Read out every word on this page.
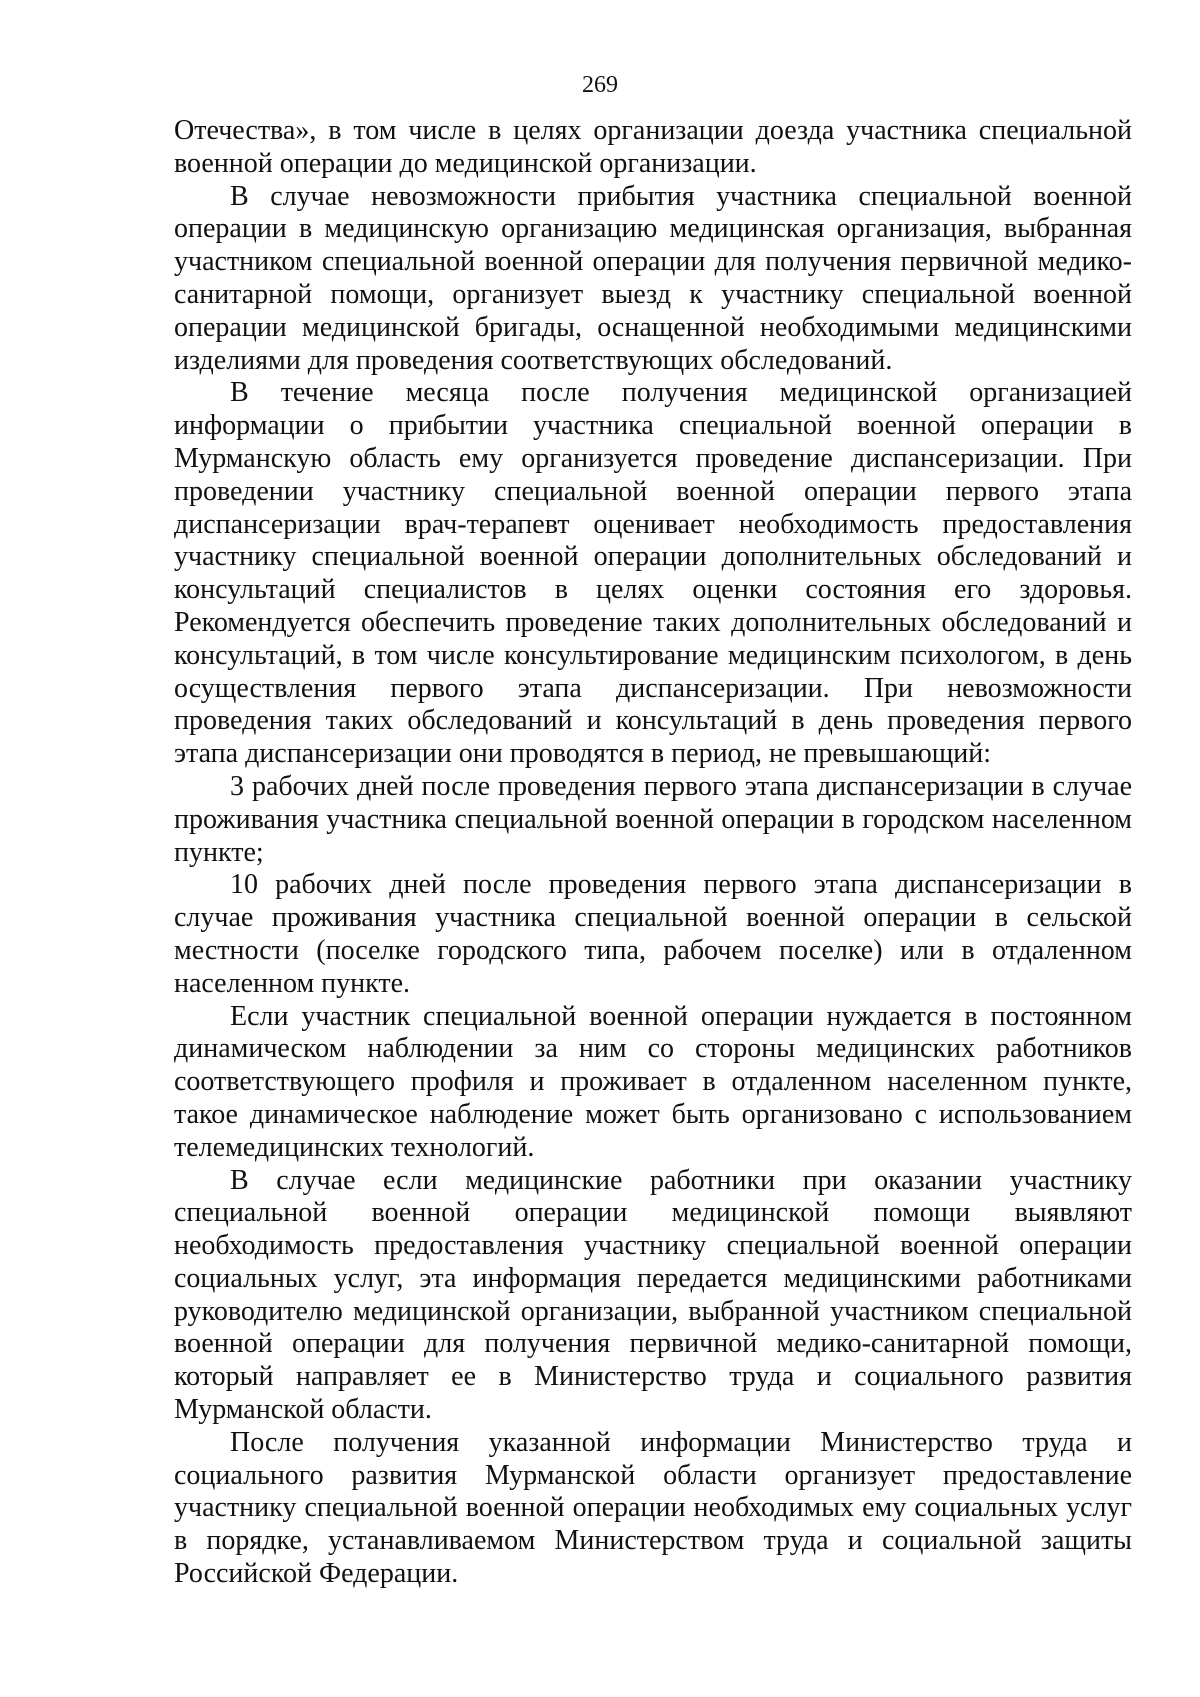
269

Отечества», в том числе в целях организации доезда участника специальной военной операции до медицинской организации.

В случае невозможности прибытия участника специальной военной операции в медицинскую организацию медицинская организация, выбранная участником специальной военной операции для получения первичной медико-санитарной помощи, организует выезд к участнику специальной военной операции медицинской бригады, оснащенной необходимыми медицинскими изделиями для проведения соответствующих обследований.

В течение месяца после получения медицинской организацией информации о прибытии участника специальной военной операции в Мурманскую область ему организуется проведение диспансеризации. При проведении участнику специальной военной операции первого этапа диспансеризации врач-терапевт оценивает необходимость предоставления участнику специальной военной операции дополнительных обследований и консультаций специалистов в целях оценки состояния его здоровья. Рекомендуется обеспечить проведение таких дополнительных обследований и консультаций, в том числе консультирование медицинским психологом, в день осуществления первого этапа диспансеризации. При невозможности проведения таких обследований и консультаций в день проведения первого этапа диспансеризации они проводятся в период, не превышающий:

3 рабочих дней после проведения первого этапа диспансеризации в случае проживания участника специальной военной операции в городском населенном пункте;

10 рабочих дней после проведения первого этапа диспансеризации в случае проживания участника специальной военной операции в сельской местности (поселке городского типа, рабочем поселке) или в отдаленном населенном пункте.

Если участник специальной военной операции нуждается в постоянном динамическом наблюдении за ним со стороны медицинских работников соответствующего профиля и проживает в отдаленном населенном пункте, такое динамическое наблюдение может быть организовано с использованием телемедицинских технологий.

В случае если медицинские работники при оказании участнику специальной военной операции медицинской помощи выявляют необходимость предоставления участнику специальной военной операции социальных услуг, эта информация передается медицинскими работниками руководителю медицинской организации, выбранной участником специальной военной операции для получения первичной медико-санитарной помощи, который направляет ее в Министерство труда и социального развития Мурманской области.

После получения указанной информации Министерство труда и социального развития Мурманской области организует предоставление участнику специальной военной операции необходимых ему социальных услуг в порядке, устанавливаемом Министерством труда и социальной защиты Российской Федерации.
